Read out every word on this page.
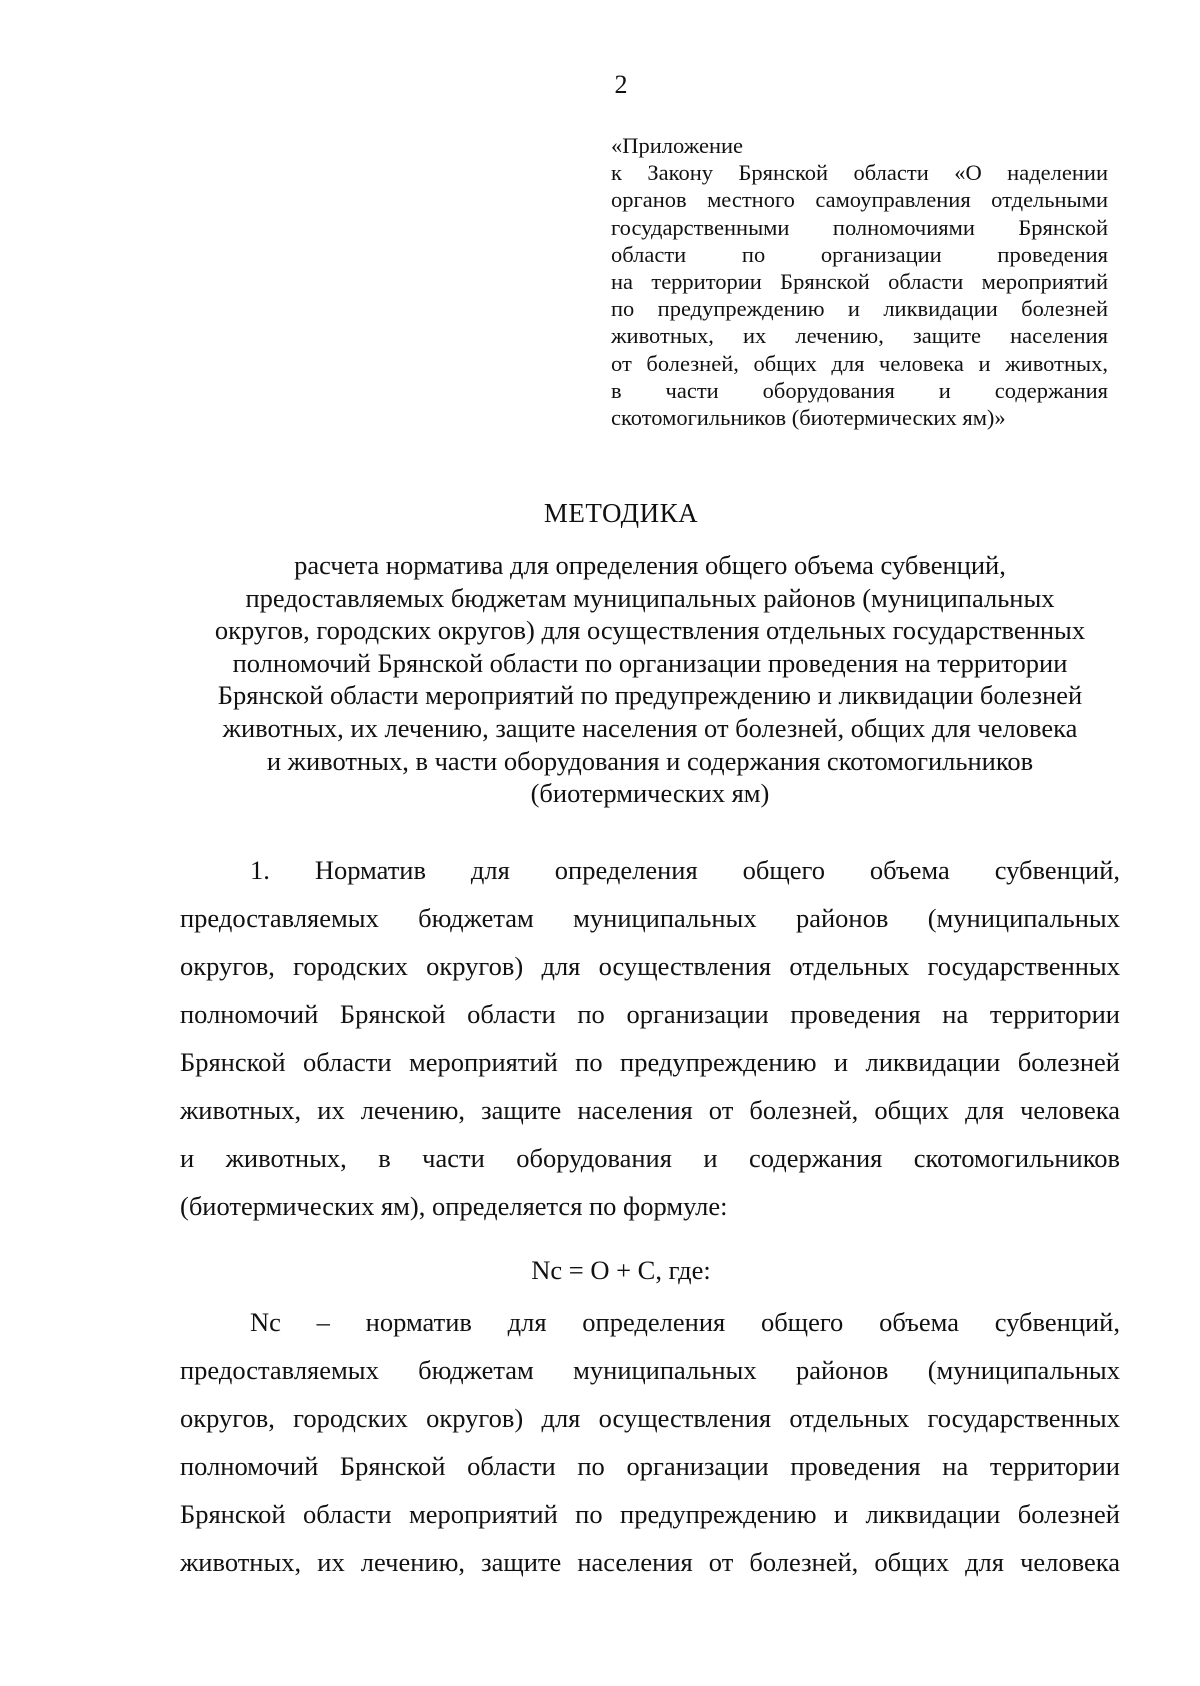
2
«Приложение
к Закону Брянской области «О наделении
органов местного самоуправления отдельными
государственными полномочиями Брянской
области по организации проведения
на территории Брянской области мероприятий
по предупреждению и ликвидации болезней
животных, их лечению, защите населения
от болезней, общих для человека и животных,
в части оборудования и содержания
скотомогильников (биотермических ям)»
МЕТОДИКА
расчета норматива для определения общего объема субвенций,
предоставляемых бюджетам муниципальных районов (муниципальных
округов, городских округов) для осуществления отдельных государственных
полномочий Брянской области по организации проведения на территории
Брянской области мероприятий по предупреждению и ликвидации болезней
животных, их лечению, защите населения от болезней, общих для человека
и животных, в части оборудования и содержания скотомогильников
(биотермических ям)
1. Норматив для определения общего объема субвенций,
предоставляемых бюджетам муниципальных районов (муниципальных
округов, городских округов) для осуществления отдельных государственных
полномочий Брянской области по организации проведения на территории
Брянской области мероприятий по предупреждению и ликвидации болезней
животных, их лечению, защите населения от болезней, общих для человека
и животных, в части оборудования и содержания скотомогильников
(биотермических ям), определяется по формуле:
Nc = O + C, где:
Nc – норматив для определения общего объема субвенций,
предоставляемых бюджетам муниципальных районов (муниципальных
округов, городских округов) для осуществления отдельных государственных
полномочий Брянской области по организации проведения на территории
Брянской области мероприятий по предупреждению и ликвидации болезней
животных, их лечению, защите населения от болезней, общих для человека
